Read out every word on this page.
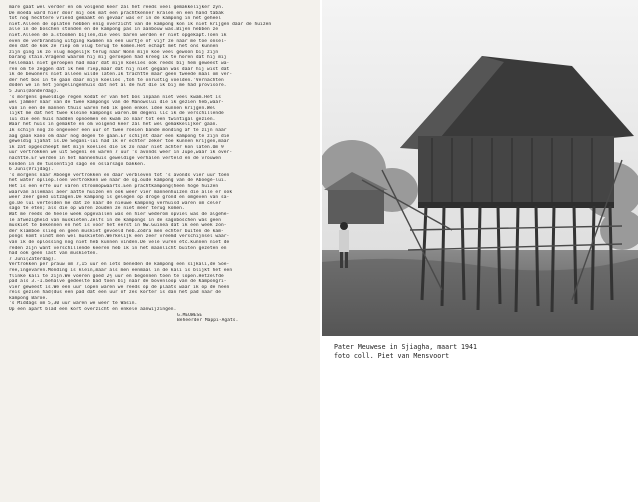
mare gaat wel verder en om volgend keer zal het reeds veel gemakkelijker zyn.
De moeda ward hier door mij ook mat een prachtkenner kralen en een hand tabak
tot nog hechtere vriend gemaakt en gevaar was er in de kampong in het geheel
niet.Alleen de oplaten hebben enig overzicht van de kampong kon ik niet krijgen daar de huizen
alle in de boschen stonden en de kampong pas in aanbouw was.Bijen hebben ze
niet.Alleen de a.stoomen bijlen,die veel baren werden er niet opgekapt.Toen ik
even de verbranding uitging kwamen na een uurtje of vijf ze naar me toe onsel-
den dat de kok ze riep om vlug terug te komen.Het echapt met het ons kunnen
zijn ging ik zo vlug mogelijk terug naar Wonn mijn koe veel gewoon bij zijn
barang stain.Vragend waarom hij mij geroepen had kreeg ik te horen dat hij mij
hellemaal niet geroepen had maar dat mijn koelies ook reeds bij hem geweest wa-
ren om te zeggen dat ik hem riep,maar dat hij niet gegaan was daar hij wist dat
ik de bewoners niet alleen wilde laten.Ik trachtte maar geen tweede maal om ver-
der het bos in te gaan daar mijn koelies ,toh te onrustig voelden.'Vernachten
doden we in het jongelingenhuis dat net al de hut die ik bij me had provisore.
5 Juni(Donderdag).
's morgens geweldige regen kodat er van het bos inpaan niet veel kwam.Het is
wel jammer naar van de twee kampongs van de Manowslui die ik gezien heb,waar-
van in een de mannen thuis waren heb ik geen enkel idee kunnen krijgen.Wel
lijkt me dat het twee kleine kampongs waren.Om degeni lic ik de verschillende
lui die een huis hadden opnoemen en kwam zo naar tot een twintigal gezien.
Waar het huis in gemakte en om volgend keer zal het wel gemakkelijker gaan.
Ik schijn nog zo ongeveer een uur of twee roeien bande monding af te zijn naar
aag gaan kano om daar nog degen te gaan.Er schijnt daar een kampong te zijn die
geweldig ijahat is.De Segani-lui had ik er echter zeker toe kunnen krijgen,maar
ik zat opgescheept met mijn koelies die ik zo naar niet achter kon laten.Om 9
uur vertrokken we uit Segeni en waren 7 uur 's avonds weer in Jupe,waar ik over-
nachtte.Er werden in het mannenhuis geweldige verhalen verteld en de vrouwen
konden in de tussentijd sago en oslarsago bakken.
6 Juni(Vrijdag).
's morgens naar Aboegé vertrokken en daar verbleven tot 's avonds vier uur toen
het water opliep.Toen vertrokken we naar de sg.oude kampong van de Aboegé-lui.
Het is een erfe uur varen stroomopwaarts.Een prachtkampong(heen hoge huizen
waarvan allemaal aeer aatte huizen en ook weer vier mannenhuizen die alle er ook
weer zeer goed uitzagen.De kampong is gelegen op droge grond en omgeven van sa-
go.De lui vertelden me dat ze naar de nieuwe kampong verhuisd waren om celer
sago te eten; als die op waren zouden ze niet meer terug komen.
Wat me reeds de heele week opgevallen was en hier wederom opviel was de algehe-
le afwezigheid van muskieten.Zelfs in de kampongs in de sagoboschen was geen
muskiet te bekennen en het is voor het eerst in Nw.Guinea dat ik een week zon-
der klamboe slieg en geen muskiet gevoeld heb.Zodra men echter buiten de kam-
pongs komt vindt men wel muskieten.Werkelijk een zeer vreemd verschijnsel waar-
van ik de oplossing nog niet heb kunnen vinden.De vele vuren etc.kunnen niet de
reden zijn want verschillende keeren heb ik in het maanlicht buiten gezeten en
had ook geen last van muskieten.
7 Juni(Zaterdag).
Vertrokken per prauw om 7,15 uur en iets beneden de kampong een sijkali,de Soe-
ree,ingevaren.Monding is klein,maar als men eenmaal in de kali is blijkt het een
flinke kali te zijn.We voeren goed 2½ uur en begonnen toen te lopen.Hetzelfde
pad als 3.-1.behalve gedeelte bad toen bij naar de bovenloop van de Kampongri-
vier geweest is.We een uur lopen waren we reeds op de plaats waar ik op de heen
reis gezien had(dus een pad dat een uur of zes korter is dan het pad naar de
kampong Baroe.
's Middags om 5,30 uur waren we weer te Wasin.
Op een apart blad een kort overzicht en enkele aanwijzingen.
G.MEUWESE
Beheerder Mappi-Agats.
Pater Meuwese in Sjiagha, maart 1941
foto coll. Piet van Mensvoort
